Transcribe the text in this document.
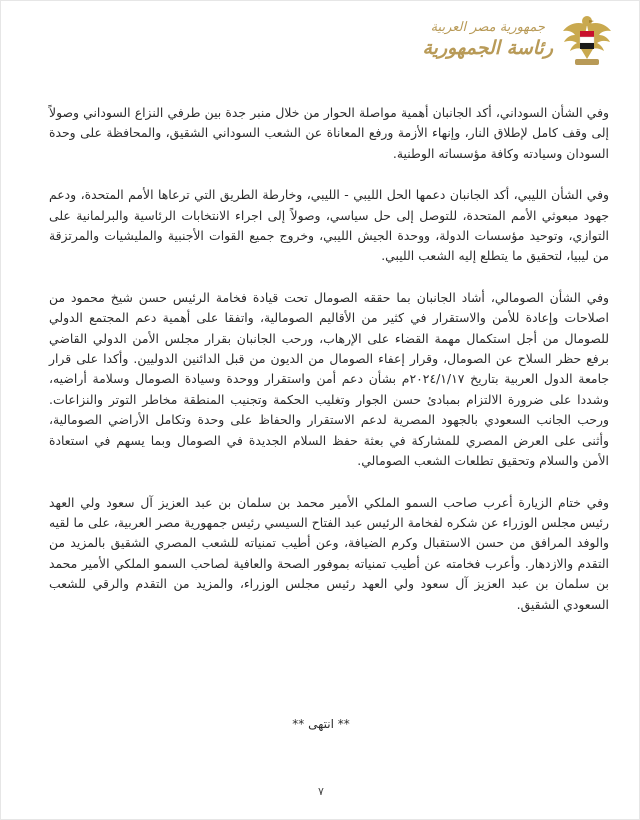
جمهورية مصر العربية
رئاسة الجمهورية

وفي الشأن السوداني، أكد الجانبان أهمية مواصلة الحوار من خلال منبر جدة بين طرفي النزاع السوداني وصولاً إلى وقف كامل لإطلاق النار، وإنهاء الأزمة ورفع المعاناة عن الشعب السوداني الشقيق، والمحافظة على وحدة السودان وسيادته وكافة مؤسساته الوطنية.

وفي الشأن الليبي، أكد الجانبان دعمها الحل الليبي - الليبي، وخارطة الطريق التي ترعاها الأمم المتحدة، ودعم جهود مبعوثي الأمم المتحدة، للتوصل إلى حل سياسي، وصولاً إلى اجراء الانتخابات الرئاسية والبرلمانية على التوازي، وتوحيد مؤسسات الدولة، ووحدة الجيش الليبي، وخروج جميع القوات الأجنبية والمليشيات والمرتزقة من ليبيا، لتحقيق ما يتطلع إليه الشعب الليبي.

وفي الشأن الصومالي، أشاد الجانبان بما حققه الصومال تحت قيادة فخامة الرئيس حسن شيخ محمود من اصلاحات وإعادة للأمن والاستقرار في كثير من الأقاليم الصومالية، واتفقا على أهمية دعم المجتمع الدولي للصومال من أجل استكمال مهمة القضاء على الإرهاب، ورحب الجانبان بقرار مجلس الأمن الدولي القاضي برفع حظر السلاح عن الصومال، وقرار إعفاء الصومال من الديون من قبل الدائنين الدوليين. وأكدا على قرار جامعة الدول العربية بتاريخ ٢٠٢٤/١/١٧م بشأن دعم أمن واستقرار ووحدة وسيادة الصومال وسلامة أراضيه، وشددا على ضرورة الالتزام بمبادئ حسن الجوار وتغليب الحكمة وتجنيب المنطقة مخاطر التوتر والنزاعات. ورحب الجانب السعودي بالجهود المصرية لدعم الاستقرار والحفاظ على وحدة وتكامل الأراضي الصومالية، وأثنى على العرض المصري للمشاركة في بعثة حفظ السلام الجديدة في الصومال وبما يسهم في استعادة الأمن والسلام وتحقيق تطلعات الشعب الصومالي.

وفي ختام الزيارة أعرب صاحب السمو الملكي الأمير محمد بن سلمان بن عبد العزيز آل سعود ولي العهد رئيس مجلس الوزراء عن شكره لفخامة الرئيس عبد الفتاح السيسي رئيس جمهورية مصر العربية، على ما لقيه والوفد المرافق من حسن الاستقبال وكرم الضيافة، وعن أطيب تمنياته للشعب المصري الشقيق بالمزيد من التقدم والازدهار. وأعرب فخامته عن أطيب تمنياته بموفور الصحة والعافية لصاحب السمو الملكي الأمير محمد بن سلمان بن عبد العزيز آل سعود ولي العهد رئيس مجلس الوزراء، والمزيد من التقدم والرقي للشعب السعودي الشقيق.

** انتهى **
٧
